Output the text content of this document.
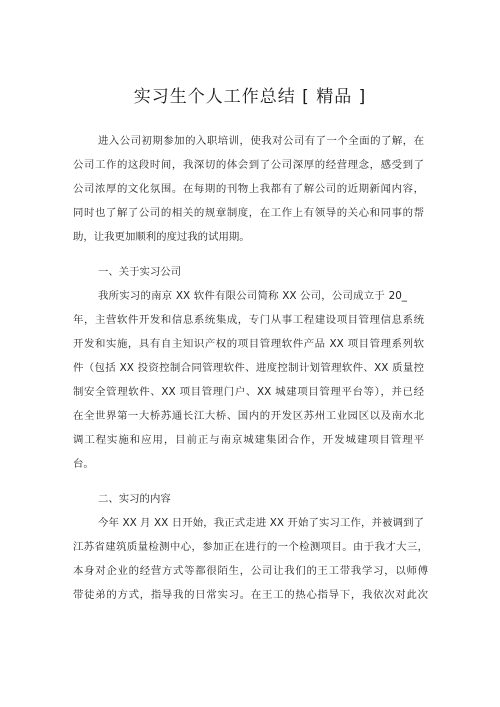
实习生个人工作总结 [ 精品 ]
进入公司初期参加的入职培训，使我对公司有了一个全面的了解，在
公司工作的这段时间，我深切的体会到了公司深厚的经营理念，感受到了
公司浓厚的文化氛围。在每期的刊物上我都有了解公司的近期新闻内容，
同时也了解了公司的相关的规章制度，在工作上有领导的关心和同事的帮
助，让我更加顺利的度过我的试用期。
一、关于实习公司
我所实习的南京 XX 软件有限公司简称 XX 公司，公司成立于 20_
年，主营软件开发和信息系统集成，专门从事工程建设项目管理信息系统
开发和实施，具有自主知识产权的项目管理软件产品 XX 项目管理系列软
件（包括 XX 投资控制合同管理软件、进度控制计划管理软件、XX 质量控
制安全管理软件、XX 项目管理门户、XX 城建项目管理平台等），并已经
在全世界第一大桥苏通长江大桥、国内的开发区苏州工业园区以及南水北
调工程实施和应用，目前正与南京城建集团合作，开发城建项目管理平
台。
二、实习的内容
今年 XX 月 XX 日开始，我正式走进 XX 开始了实习工作，并被调到了
江苏省建筑质量检测中心，参加正在进行的一个检测项目。由于我才大三，
本身对企业的经营方式等都很陌生，公司让我们的王工带我学习，以师傅
带徒弟的方式，指导我的日常实习。在王工的热心指导下，我依次对此次
